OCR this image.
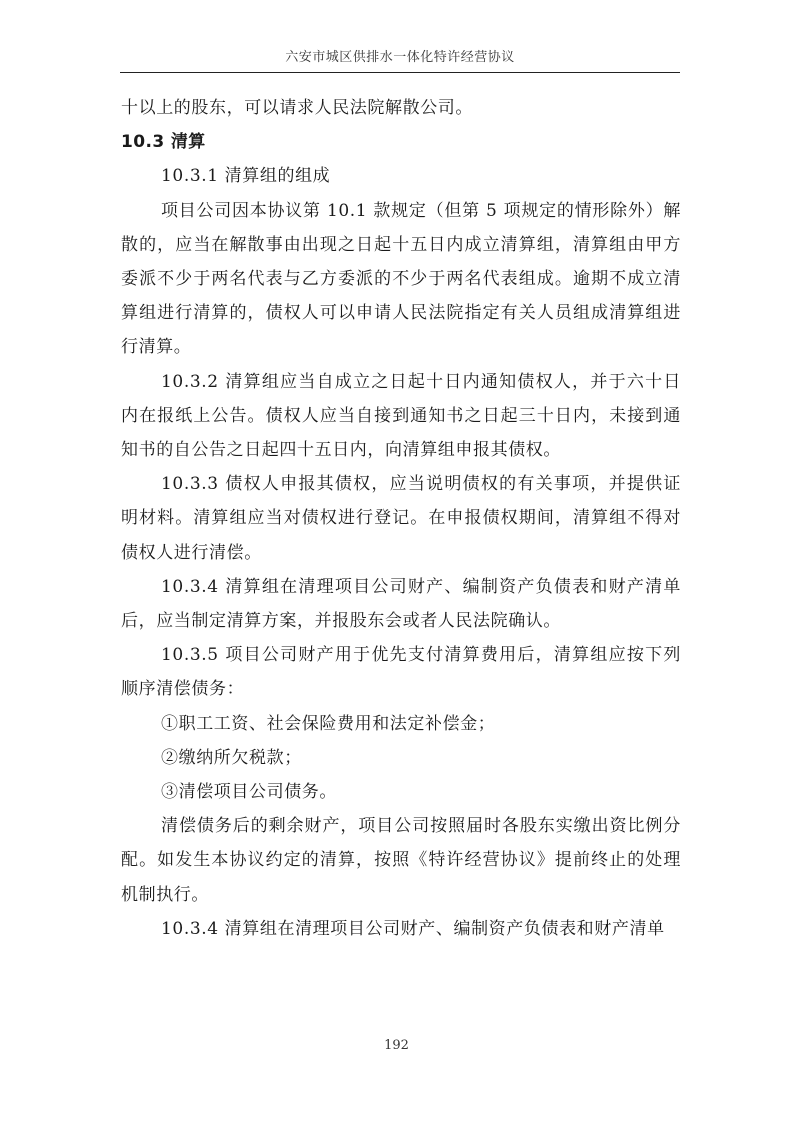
六安市城区供排水一体化特许经营协议

十以上的股东，可以请求人民法院解散公司。

10.3 清算

10.3.1 清算组的组成

项目公司因本协议第 10.1 款规定（但第 5 项规定的情形除外）解散的，应当在解散事由出现之日起十五日内成立清算组，清算组由甲方委派不少于两名代表与乙方委派的不少于两名代表组成。逾期不成立清算组进行清算的，债权人可以申请人民法院指定有关人员组成清算组进行清算。

10.3.2 清算组应当自成立之日起十日内通知债权人，并于六十日内在报纸上公告。债权人应当自接到通知书之日起三十日内，未接到通知书的自公告之日起四十五日内，向清算组申报其债权。

10.3.3 债权人申报其债权，应当说明债权的有关事项，并提供证明材料。清算组应当对债权进行登记。在申报债权期间，清算组不得对债权人进行清偿。

10.3.4 清算组在清理项目公司财产、编制资产负债表和财产清单后，应当制定清算方案，并报股东会或者人民法院确认。

10.3.5 项目公司财产用于优先支付清算费用后，清算组应按下列顺序清偿债务：

①职工工资、社会保险费用和法定补偿金；

②缴纳所欠税款；

③清偿项目公司债务。

清偿债务后的剩余财产，项目公司按照届时各股东实缴出资比例分配。如发生本协议约定的清算，按照《特许经营协议》提前终止的处理机制执行。

10.3.4 清算组在清理项目公司财产、编制资产负债表和财产清单

192
